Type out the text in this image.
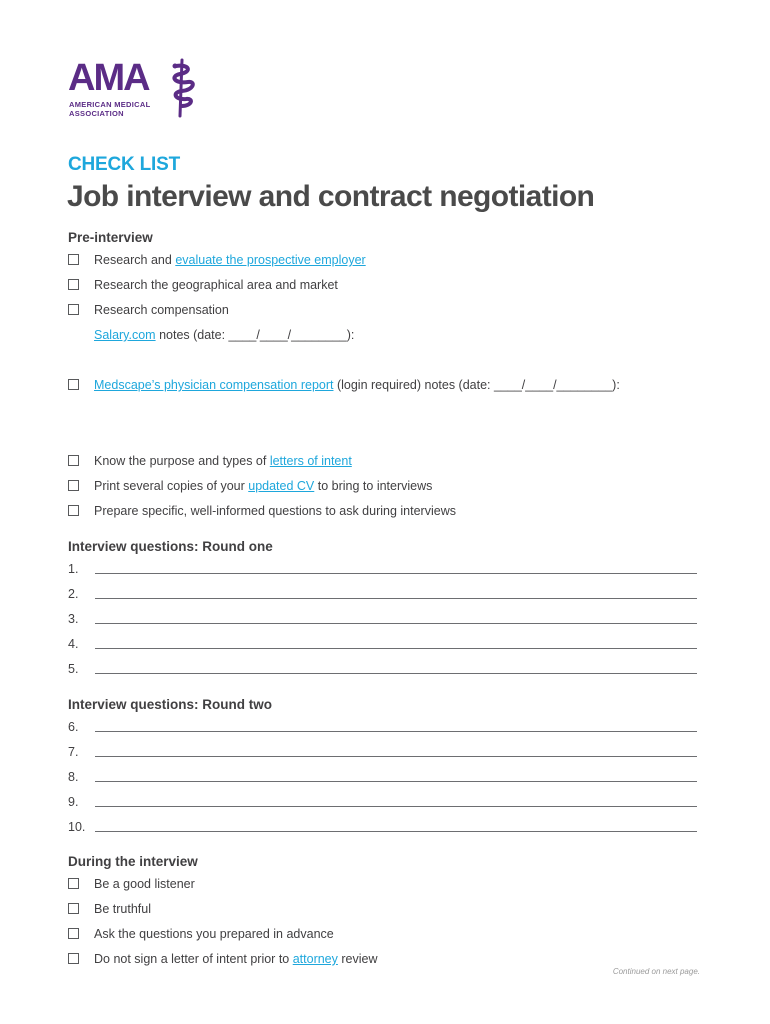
AMA
AMERICAN MEDICAL
ASSOCIATION
CHECK LIST
Job interview and contract negotiation
Pre-interview
Research and evaluate the prospective employer
Research the geographical area and market
Research compensation
Salary.com notes (date: ____/____/________):
Medscape’s physician compensation report (login required) notes (date: ____/____/________):
Know the purpose and types of letters of intent
Print several copies of your updated CV to bring to interviews
Prepare specific, well-informed questions to ask during interviews
Interview questions: Round one
1.
2.
3.
4.
5.
Interview questions: Round two
6.
7.
8.
9.
10.
During the interview
Be a good listener
Be truthful
Ask the questions you prepared in advance
Do not sign a letter of intent prior to attorney review
Continued on next page.
